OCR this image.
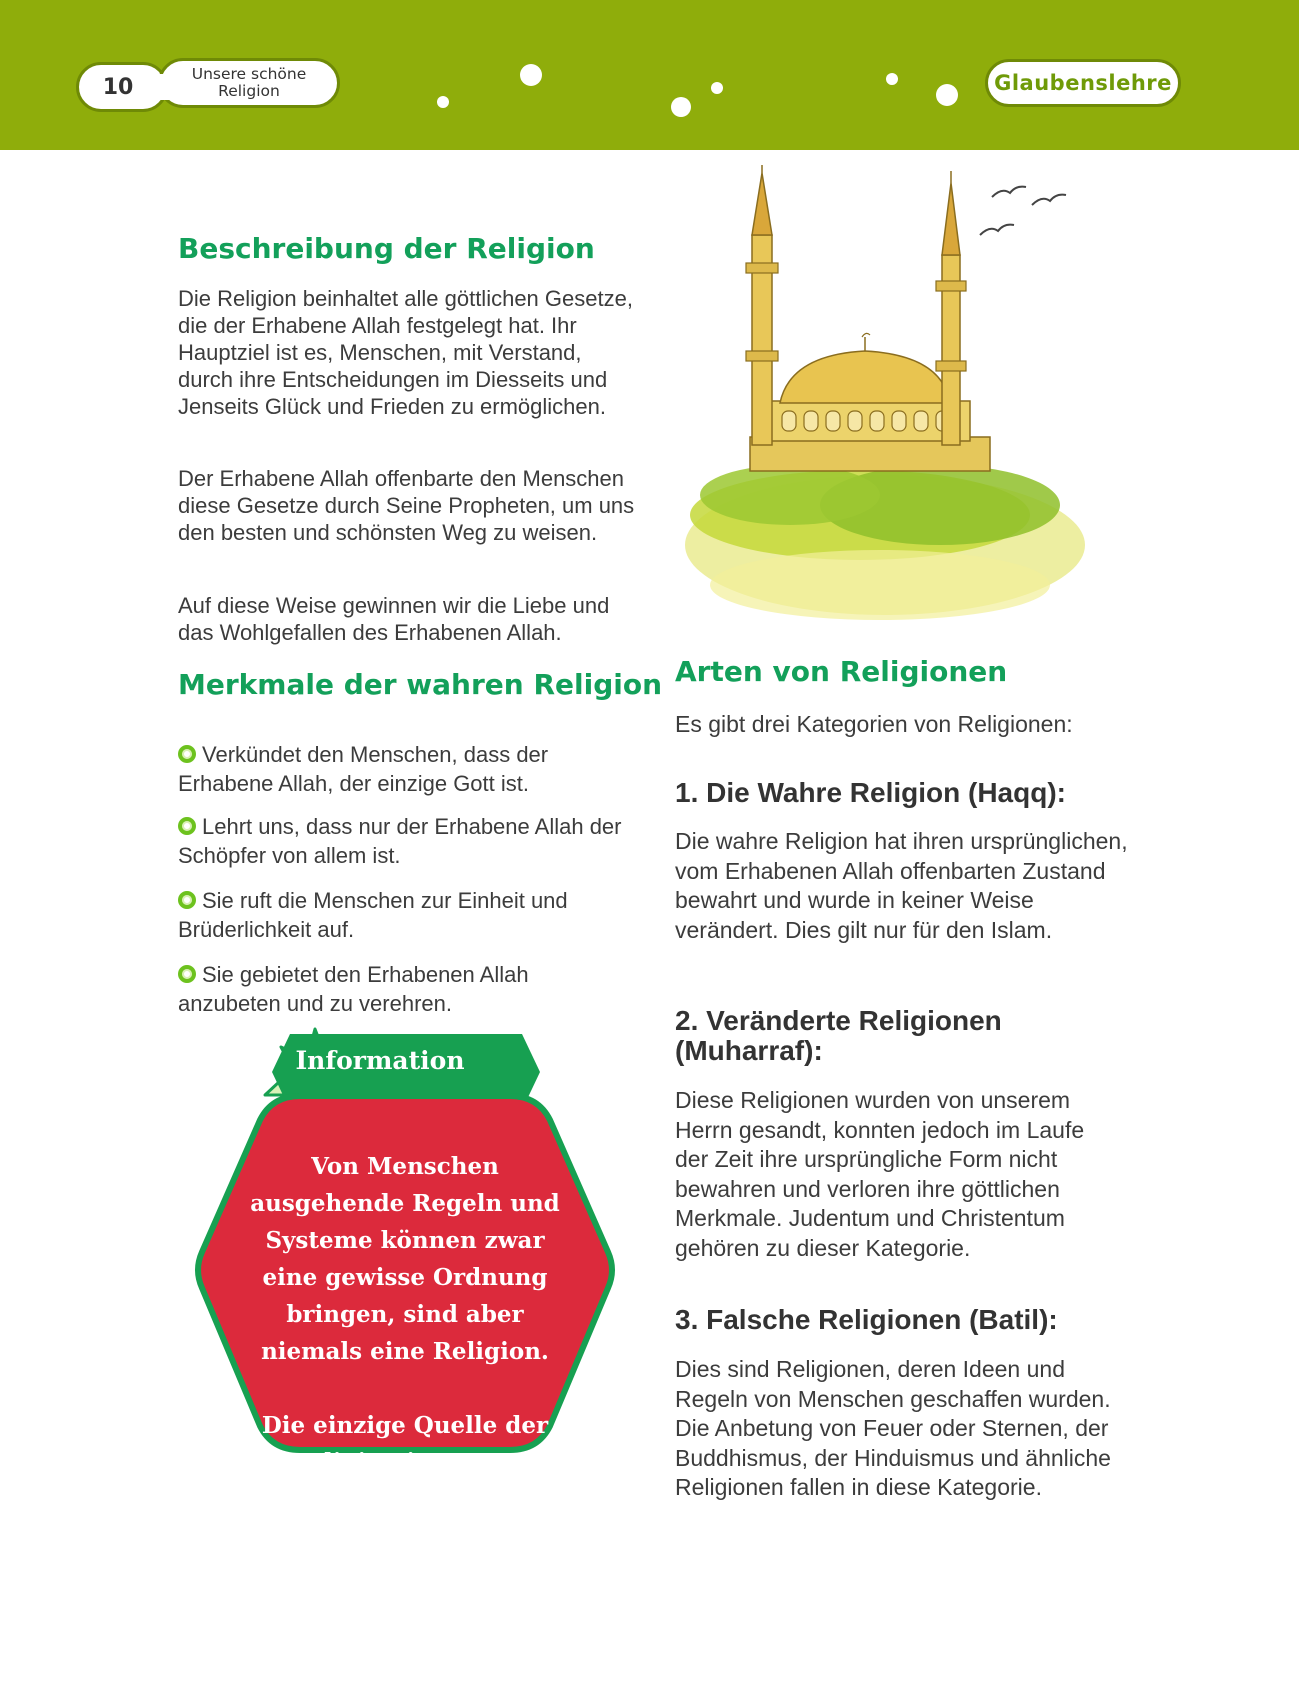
10
Unsere schöne
Religion	Glaubenslehre
Beschreibung der Religion

Die Religion beinhaltet alle göttlichen Gesetze, die der Erhabene Allah festgelegt hat. Ihr Hauptziel ist es, Menschen, mit Verstand, durch ihre Entscheidungen im Diesseits und Jenseits Glück und Frieden zu ermöglichen.

Der Erhabene Allah offenbarte den Menschen diese Gesetze durch Seine Propheten, um uns den besten und schönsten Weg zu weisen.

Auf diese Weise gewinnen wir die Liebe und das Wohlgefallen des Erhabenen Allah.

Merkmale der wahren Religion

Verkündet den Menschen, dass der Erhabene Allah, der einzige Gott ist.

Lehrt uns, dass nur der Erhabene Allah der Schöpfer von allem ist.

Sie ruft die Menschen zur Einheit und Brüderlichkeit auf.

Sie gebietet den Erhabenen Allah anzubeten und zu verehren.

Information

Von Menschen ausgehende Regeln und Systeme können zwar eine gewisse Ordnung bringen, sind aber niemals eine Religion.

Die einzige Quelle der Religion ist unser Erhabener Herr.

Arten von Religionen

Es gibt drei Kategorien von Religionen:

1. Die Wahre Religion (Haqq):

Die wahre Religion hat ihren ursprünglichen, vom Erhabenen Allah offenbarten Zustand bewahrt und wurde in keiner Weise verändert. Dies gilt nur für den Islam.

2. Veränderte Religionen (Muharraf):

Diese Religionen wurden von unserem Herrn gesandt, konnten jedoch im Laufe der Zeit ihre ursprüngliche Form nicht bewahren und verloren ihre göttlichen Merkmale. Judentum und Christentum gehören zu dieser Kategorie.

3. Falsche Religionen (Batil):

Dies sind Religionen, deren Ideen und Regeln von Menschen geschaffen wurden. Die Anbetung von Feuer oder Sternen, der Buddhismus, der Hinduismus und ähnliche Religionen fallen in diese Kategorie.
